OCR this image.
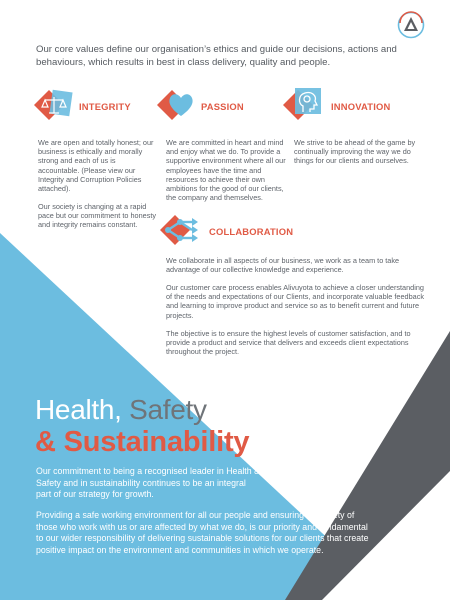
Our core values define our organisation’s ethics and guide our decisions, actions and behaviours, which results in best in class delivery, quality and people.

INTEGRITY

We are open and totally honest; our business is ethically and morally strong and each of us is accountable. (Please view our Integrity and Corruption Policies attached).

Our society is changing at a rapid pace but our commitment to honesty and integrity remains constant.

PASSION

We are committed in heart and mind and enjoy what we do. To provide a supportive environment where all our employees have the time and resources to achieve their own ambitions for the good of our clients, the company and themselves.

INNOVATION

We strive to be ahead of the game by continually improving the way we do things for our clients and ourselves.

COLLABORATION

We collaborate in all aspects of our business, we work as a team to take advantage of our collective knowledge and experience.

Our customer care process enables Alivuyota to achieve a closer understanding of the needs and expectations of our Clients, and incorporate valuable feedback and learning to improve product and service so as to benefit current and future projects.

The objective is to ensure the highest levels of customer satisfaction, and to provide a product and service that delivers and exceeds client expectations throughout the project.

Health, Safety
& Sustainability

Our commitment to being a recognised leader in Health & Safety and in sustainability continues to be an integral part of our strategy for growth.

Providing a safe working environment for all our people and ensuring the safety of those who work with us or are affected by what we do, is our priority and fundamental to our wider responsibility of delivering sustainable solutions for our clients that create positive impact on the environment and communities in which we operate.
